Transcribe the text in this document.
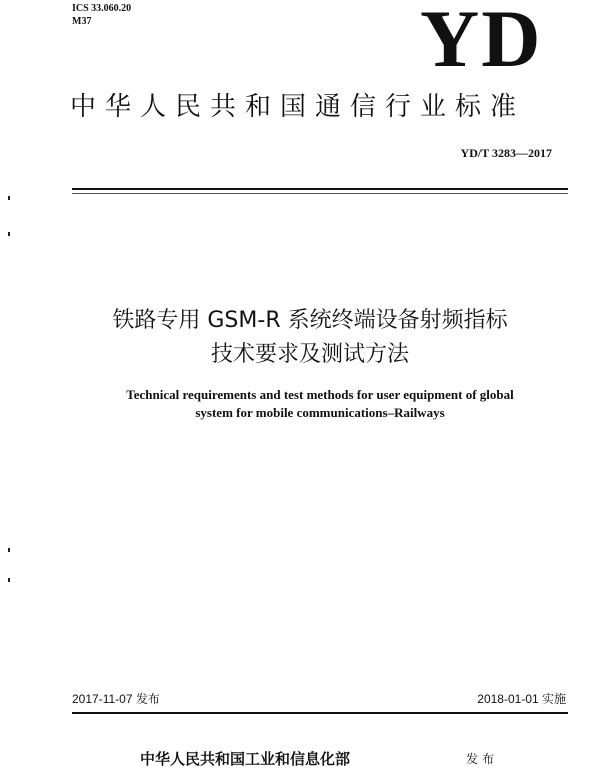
ICS 33.060.20
M37	YD
中华人民共和国通信行业标准
YD/T 3283—2017
铁路专用 GSM-R 系统终端设备射频指标
技术要求及测试方法
Technical requirements and test methods for user equipment of global
system for mobile communications–Railways
2017-11-07 发布	2018-01-01 实施
中华人民共和国工业和信息化部	发布
